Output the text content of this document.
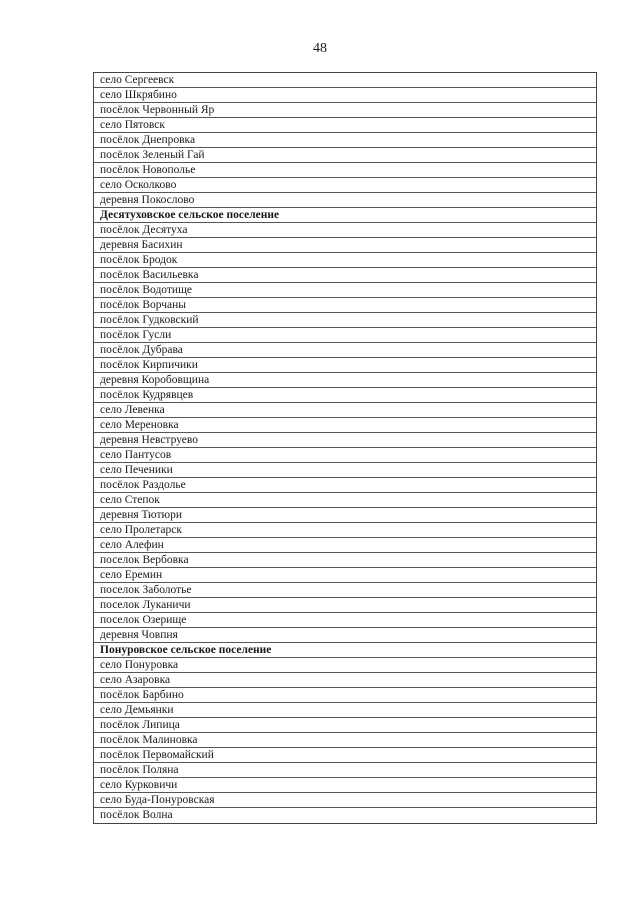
48
село Сергеевск
село Шкрябино
посёлок Червонный Яр
село Пятовск
посёлок Днепровка
посёлок Зеленый Гай
посёлок Новополье
село Осколково
деревня Покослово
Десятуховское сельское поселение
посёлок Десятуха
деревня Басихин
посёлок Бродок
посёлок Васильевка
посёлок Водотище
посёлок Ворчаны
посёлок Гудковский
посёлок Гусли
посёлок Дубрава
посёлок Кирпичики
деревня Коробовщина
посёлок Кудрявцев
село Левенка
село Мереновка
деревня Невструево
село Пантусов
село Печеники
посёлок Раздолье
село Степок
деревня Тютюри
село Пролетарск
село Алефин
поселок Вербовка
село Еремин
поселок Заболотье
поселок Луканичи
поселок Озерище
деревня Човпня
Понуровское сельское поселение
село Понуровка
село Азаровка
посёлок Барбино
село Демьянки
посёлок Липица
посёлок Малиновка
посёлок Первомайский
посёлок Поляна
село Курковичи
село Буда-Понуровская
посёлок Волна
